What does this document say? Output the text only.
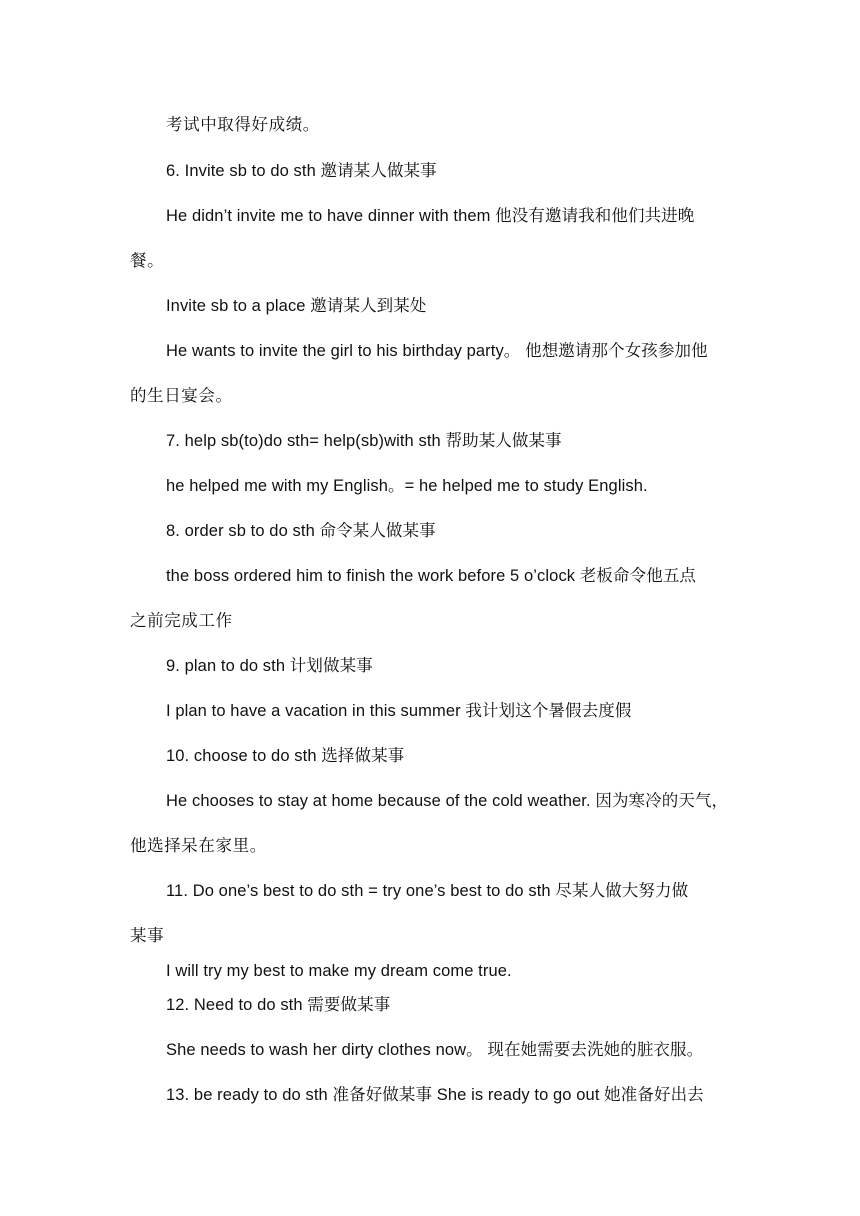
考试中取得好成绩。
6. Invite sb to do sth 邀请某人做某事
He didn’t invite me to have dinner with them 他没有邀请我和他们共进晚
餐。
Invite sb to a place 邀请某人到某处
He wants to invite the girl to his birthday party。 他想邀请那个女孩参加他
的生日宴会。
7. help sb(to)do sth= help(sb)with sth 帮助某人做某事
he helped me with my English。= he helped me to study English.
8. order sb to do sth 命令某人做某事
the boss ordered him to finish the work before 5 o’clock 老板命令他五点
之前完成工作
9. plan to do sth 计划做某事
I plan to have a vacation in this summer 我计划这个暑假去度假
10. choose to do sth 选择做某事
He chooses to stay at home because of the cold weather. 因为寒冷的天气，
他选择呆在家里。
11. Do one’s best to do sth = try one’s best to do sth 尽某人做大努力做
某事
I will try my best to make my dream come true.
12. Need to do sth 需要做某事
She needs to wash her dirty clothes now。 现在她需要去洗她的脏衣服。
13. be ready to do sth 准备好做某事 She is ready to go out 她准备好出去
